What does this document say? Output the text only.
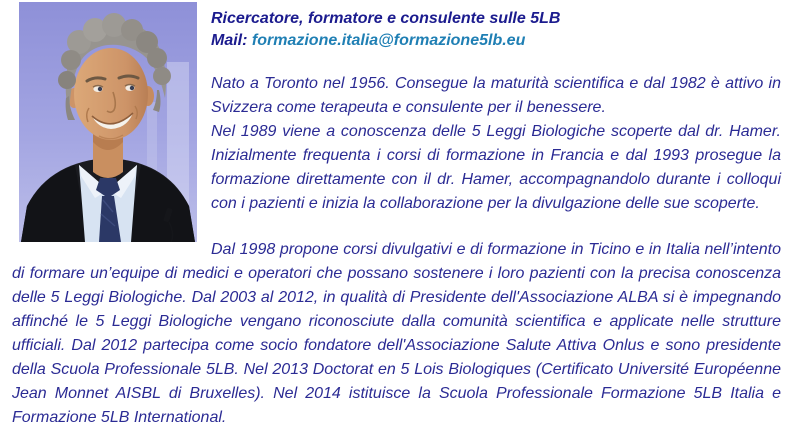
Ricercatore, formatore e consulente sulle 5LB
Mail: formazione.italia@formazione5lb.eu

Nato a Toronto nel 1956. Consegue la maturità scientifica e dal 1982 è attivo in Svizzera come terapeuta e consulente per il benessere.
Nel 1989 viene a conoscenza delle 5 Leggi Biologiche scoperte dal dr. Hamer. Inizialmente frequenta i corsi di formazione in Francia e dal 1993 prosegue la formazione direttamente con il dr. Hamer, accompagnandolo durante i colloqui con i pazienti e inizia la collaborazione per la divulgazione delle sue scoperte.

Dal 1998 propone corsi divulgativi e di formazione in Ticino e in Italia nell’intento di formare un’equipe di medici e operatori che possano sostenere i loro pazienti con la precisa conoscenza delle 5 Leggi Biologiche. Dal 2003 al 2012, in qualità di Presidente dell'Associazione ALBA si è impegnando affinché le 5 Leggi Biologiche vengano riconosciute dalla comunità scientifica e applicate nelle strutture ufficiali. Dal 2012 partecipa come socio fondatore dell'Associazione Salute Attiva Onlus e sono presidente della Scuola Professionale 5LB. Nel 2013 Doctorat en 5 Lois Biologiques (Certificato Université Européenne Jean Monnet AISBL di Bruxelles). Nel 2014 istituisce la Scuola Professionale Formazione 5LB Italia e Formazione 5LB International.
